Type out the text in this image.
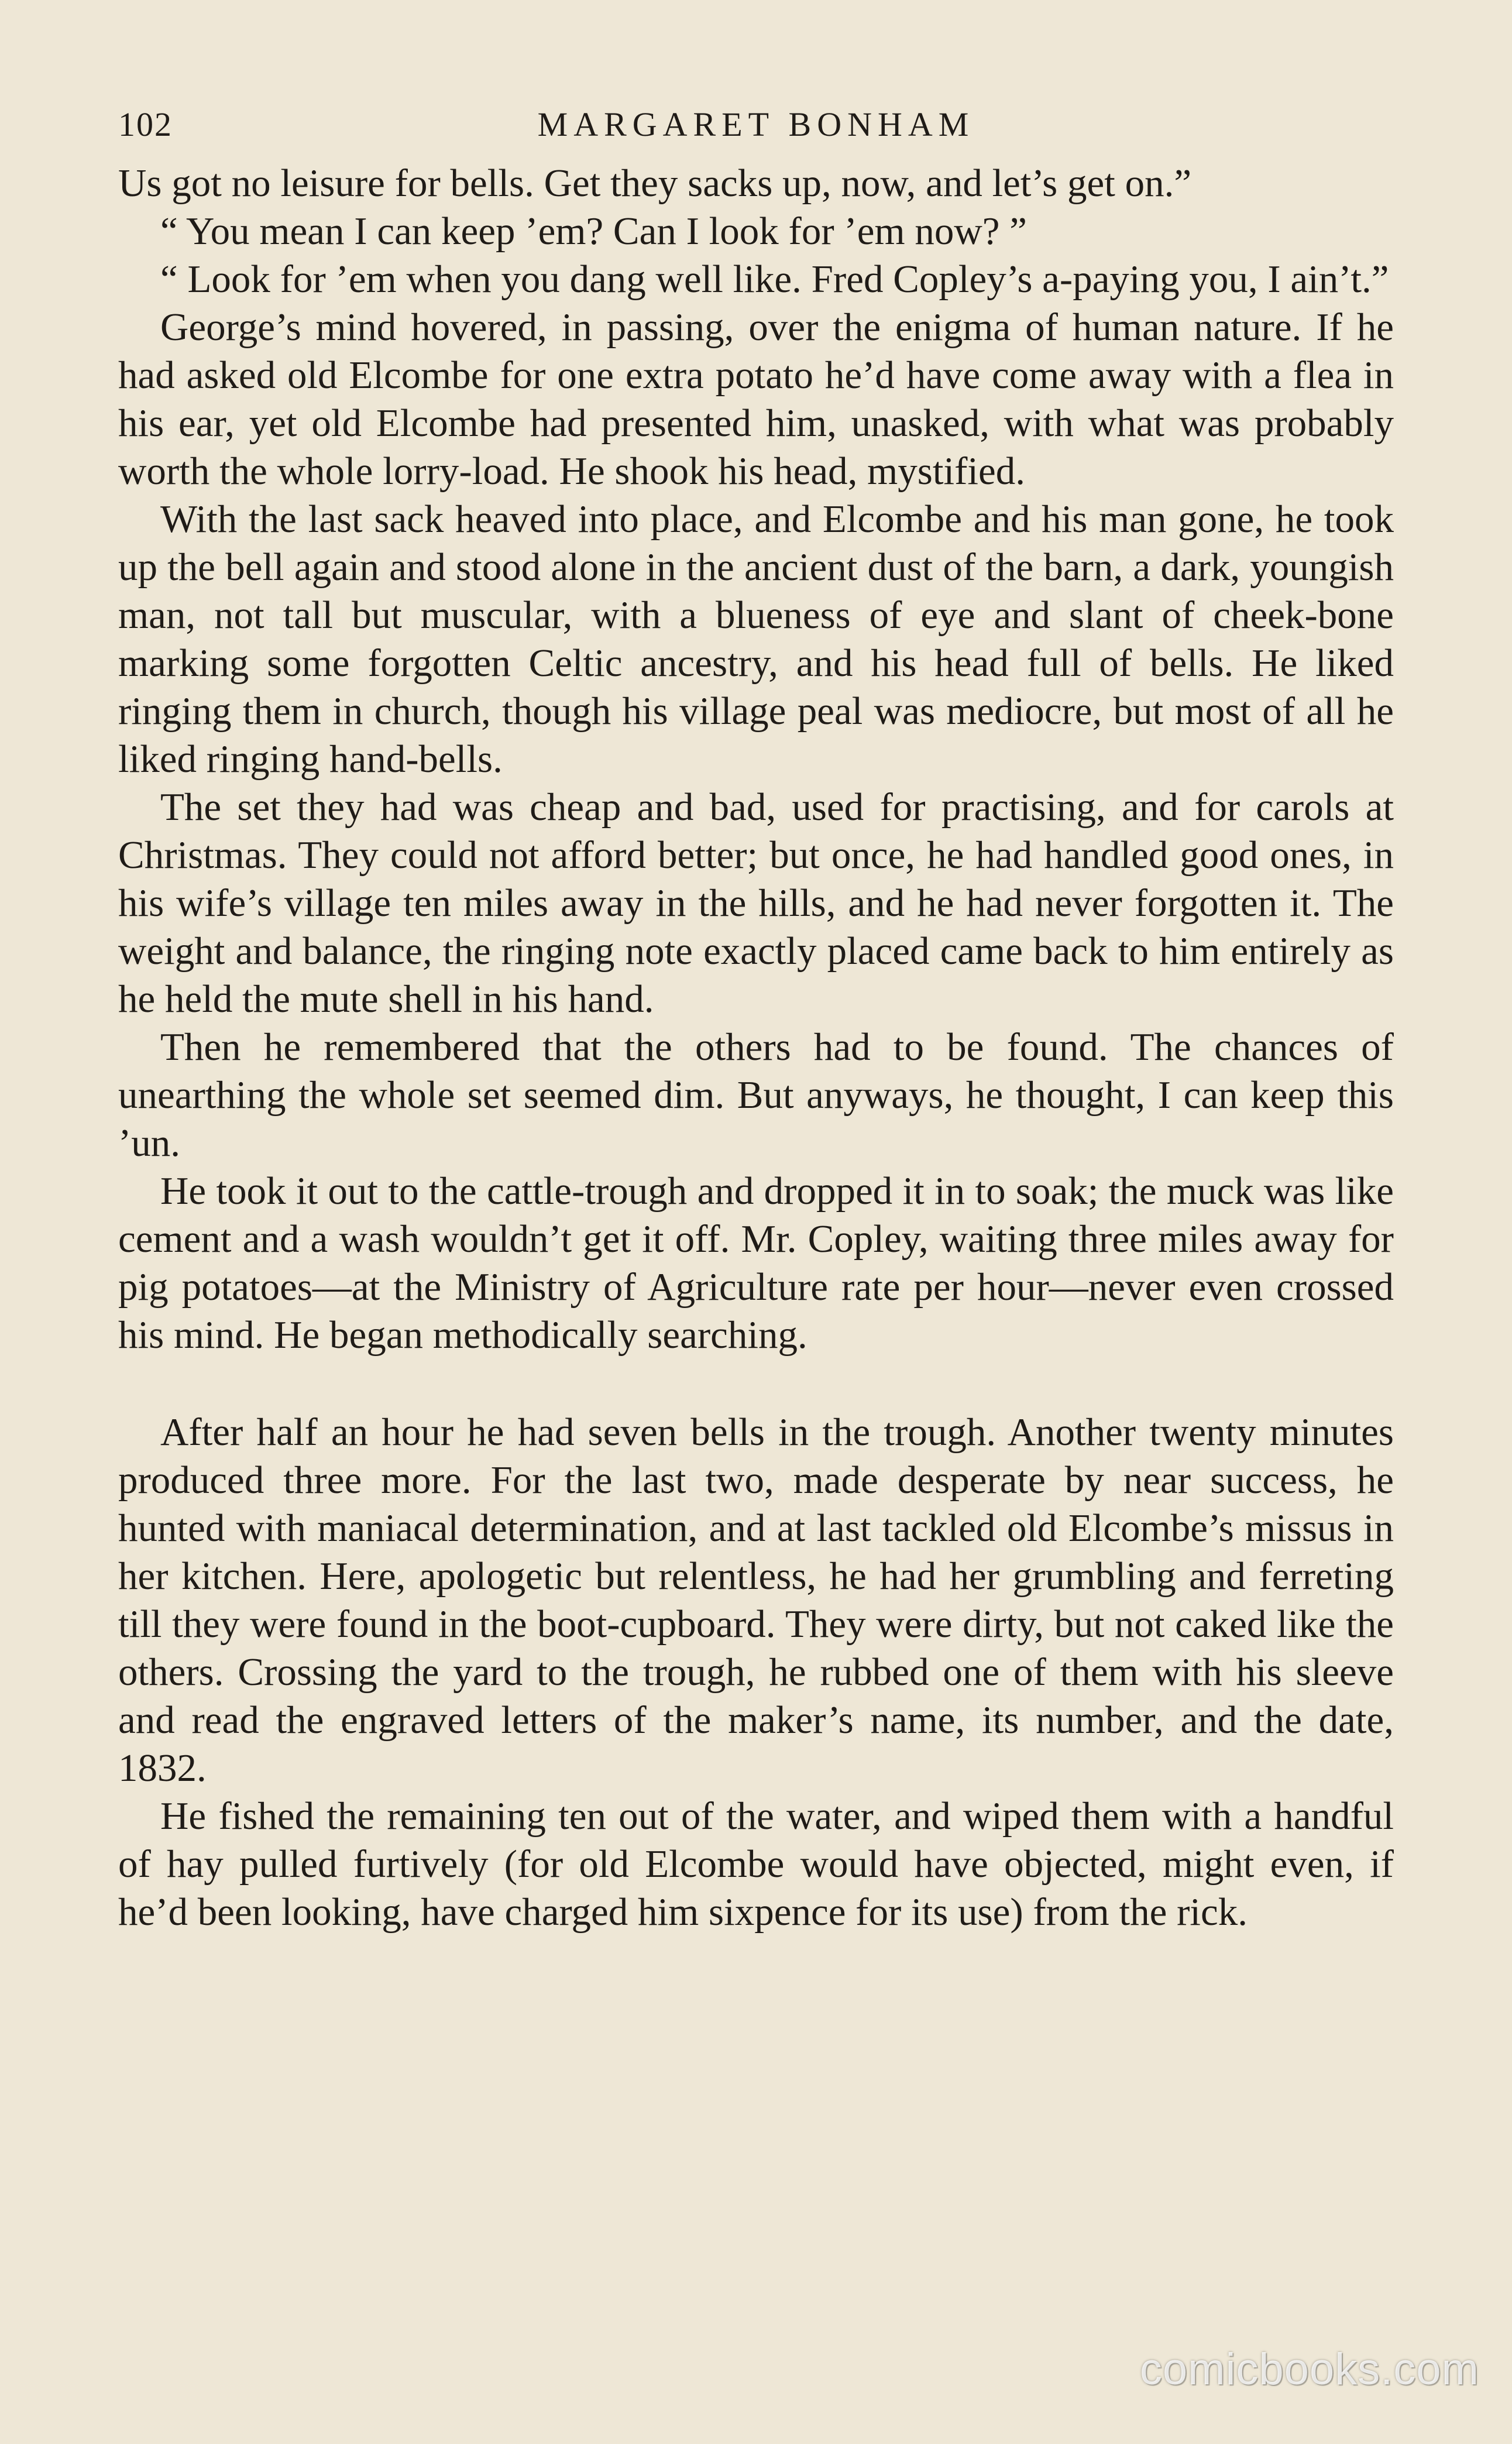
102	MARGARET BONHAM

Us got no leisure for bells. Get they sacks up, now, and let’s get on.”

“ You mean I can keep ’em? Can I look for ’em now? ”

“ Look for ’em when you dang well like. Fred Copley’s a-paying you, I ain’t.”

George’s mind hovered, in passing, over the enigma of human nature. If he had asked old Elcombe for one extra potato he’d have come away with a flea in his ear, yet old Elcombe had presented him, unasked, with what was probably worth the whole lorry-load. He shook his head, mystified.

With the last sack heaved into place, and Elcombe and his man gone, he took up the bell again and stood alone in the ancient dust of the barn, a dark, youngish man, not tall but muscular, with a blueness of eye and slant of cheek-bone marking some forgotten Celtic ancestry, and his head full of bells. He liked ringing them in church, though his village peal was mediocre, but most of all he liked ringing hand-bells.

The set they had was cheap and bad, used for practising, and for carols at Christmas. They could not afford better; but once, he had handled good ones, in his wife’s village ten miles away in the hills, and he had never forgotten it. The weight and balance, the ringing note exactly placed came back to him entirely as he held the mute shell in his hand.

Then he remembered that the others had to be found. The chances of unearthing the whole set seemed dim. But anyways, he thought, I can keep this ’un.

He took it out to the cattle-trough and dropped it in to soak; the muck was like cement and a wash wouldn’t get it off. Mr. Copley, waiting three miles away for pig potatoes—at the Ministry of Agriculture rate per hour—never even crossed his mind. He began methodically searching.

After half an hour he had seven bells in the trough. Another twenty minutes produced three more. For the last two, made desperate by near success, he hunted with maniacal determination, and at last tackled old Elcombe’s missus in her kitchen. Here, apologetic but relentless, he had her grumbling and ferreting till they were found in the boot-cupboard. They were dirty, but not caked like the others. Crossing the yard to the trough, he rubbed one of them with his sleeve and read the engraved letters of the maker’s name, its number, and the date, 1832.

He fished the remaining ten out of the water, and wiped them with a handful of hay pulled furtively (for old Elcombe would have objected, might even, if he’d been looking, have charged him sixpence for its use) from the rick.

comicbooks.com
